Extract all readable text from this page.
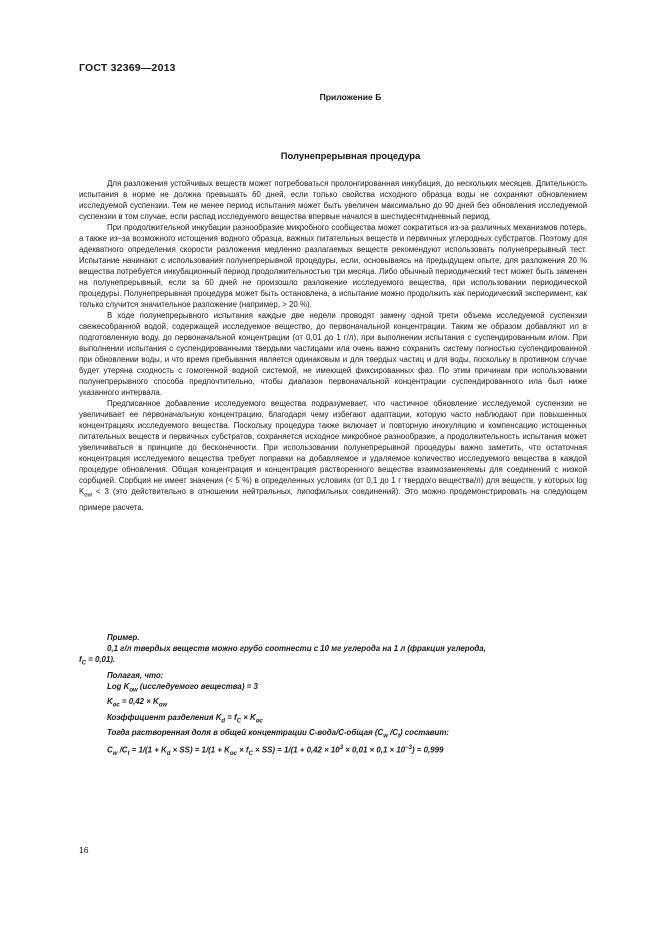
ГОСТ 32369—2013
Приложение Б
Полунепрерывная процедура

Для разложения устойчивых веществ может потребоваться пролонгированная инкубация, до нескольких месяцев. Длительность испытания в норме не должна превышать 60 дней, если только свойства исходного образца воды не сохраняют обновлением исследуемой суспензии. Тем не менее период испытания может быть увеличен максимально до 90 дней без обновления исследуемой суспензии в том случае, если распад исследуемого вещества впервые начался в шестидесятидневный период.

При продолжительной инкубации разнообразие микробного сообщества может сократиться из-за различных механизмов потерь, а также из–за возможного истощения водного образца, важных питательных веществ и первичных углеродных субстратов. Поэтому для адекватного определения скорости разложения медленно разлагаемых веществ рекомендуют использовать полунепрерывный тест. Испытание начинают с использования полунепрерывной процедуры, если, основываясь на предыдущем опыте, для разложения 20 % вещества потребуется инкубационный период продолжительностью три месяца. Либо обычный периодический тест может быть заменен на полунепрерывный, если за 60 дней не произошло разложение исследуемого вещества, при использовании периодической процедуры. Полунепрерывная процедура может быть остановлена, а испытание можно продолжить как периодический эксперимент, как только случится значительное разложение (например, > 20 %).

В ходе полунепрерывного испытания каждые две недели проводят замену одной трети объема исследуемой суспензии свежесобранной водой, содержащей исследуемое вещество, до первоначальной концентрации. Таким же образом добавляют ил в подготовленную воду, до первоначальной концентрации (от 0,01 до 1 г/л), при выполнении испытания с суспендированным илом. При выполнении испытания с суспендированными твердыми частицами ила очень важно сохранить систему полностью суспендированной при обновлении воды, и что время пребывания является одинаковым и для твердых частиц и для воды, поскольку в противном случае будет утеряна сходность с гомогенной водной системой, не имеющей фиксированных фаз. По этим причинам при использовании полунепрерывного способа предпочтительно, чтобы диапазон первоначальной концентрации суспендированного ила был ниже указанного интервала.

Предписанное добавление исследуемого вещества подразумевает, что частичное обновление исследуемой суспензии не увеличивает ее первоначальную концентрацию, благодаря чему избегают адаптации, которую часто наблюдают при повышенных концентрациях исследуемого вещества. Поскольку процедура также включает и повторную инокуляцию и компенсацию истощенных питательных веществ и первичных субстратов, сохраняется исходное микробное разнообразие, а продолжительность испытания может увеличиваться в принципе до бесконечности. При использовании полунепрерывной процедуры важно заметить, что остаточная концентрация исследуемого вещества требует поправки на добавляемое и удаляемое количество исследуемого вещества в каждой процедуре обновления. Общая концентрация и концентрация растворенного вещества взаимозаменяемы для соединений с низкой сорбцией. Сорбция не имеет значения (< 5 %) в определенных условиях (от 0,1 до 1 г твердого вещества/л) для веществ, у которых $\log K_{ow} < 3$ (это действительно в отношении нейтральных, липофильных соединений). Это можно продемонстрировать на следующем примере расчета.

Пример.
0,1 г/л твердых веществ можно грубо соотнести с 10 мг углерода на 1 л (фракция углерода,
$f_C = 0,01$).
Полагая, что:
Log $K_{ow}$ (исследуемого вещества) = 3
$K_{oc} = 0,42 \times K_{ow}$
Коэффициент разделения $K_d = f_C \times K_{oc}$
Тогда растворенная доля в общей концентрации C-вода/C-общая ($C_w$ $/C_t$) составит:
$C_w$ $/C_t = 1/(1 + K_d \times SS) = 1/(1 + K_{oc} \times f_C \times SS) = 1/(1 + 0,42 \times 10^3 \times 0,01 \times 0,1 \times 10^{-3}) = 0,999$
16
